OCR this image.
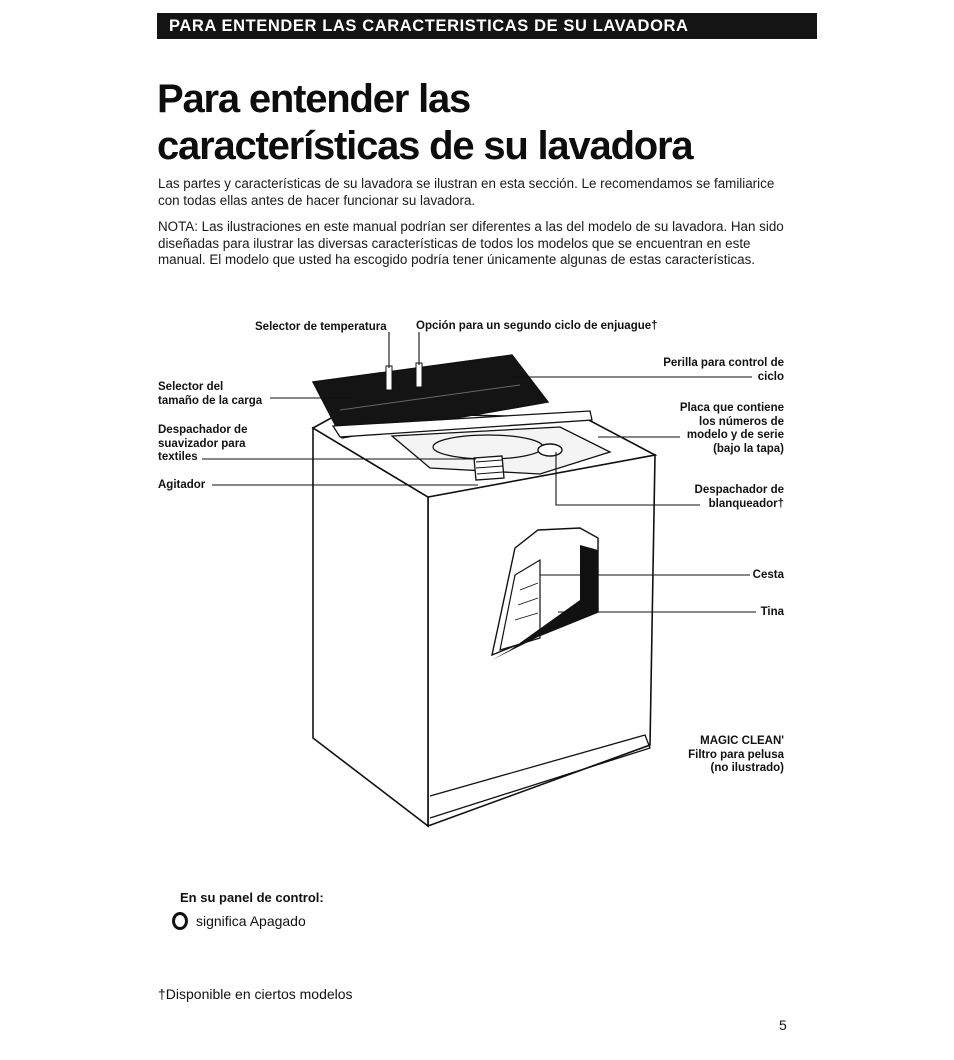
PARA ENTENDER LAS CARACTERISTICAS DE SU LAVADORA
Para entender las
características de su lavadora

Las partes y características de su lavadora se ilustran en esta sección. Le recomendamos se familiarice con todas ellas antes de hacer funcionar su lavadora.

NOTA: Las ilustraciones en este manual podrían ser diferentes a las del modelo de su lavadora. Han sido diseñadas para ilustrar las diversas características de todos los modelos que se encuentran en este manual. El modelo que usted ha escogido podría tener únicamente algunas de estas características.

Selector de temperatura	Opción para un segundo ciclo de enjuague†
Selector del
tamaño de la carga
Despachador de
suavizador para
textiles
Agitador
Perilla para control de
ciclo
Placa que contiene
los números de
modelo y de serie
(bajo la tapa)
Despachador de
blanqueador†
Cesta
Tina
MAGIC CLEAN'
Filtro para pelusa
(no ilustrado)
En su panel de control:
significa Apagado
†Disponible en ciertos modelos
5
